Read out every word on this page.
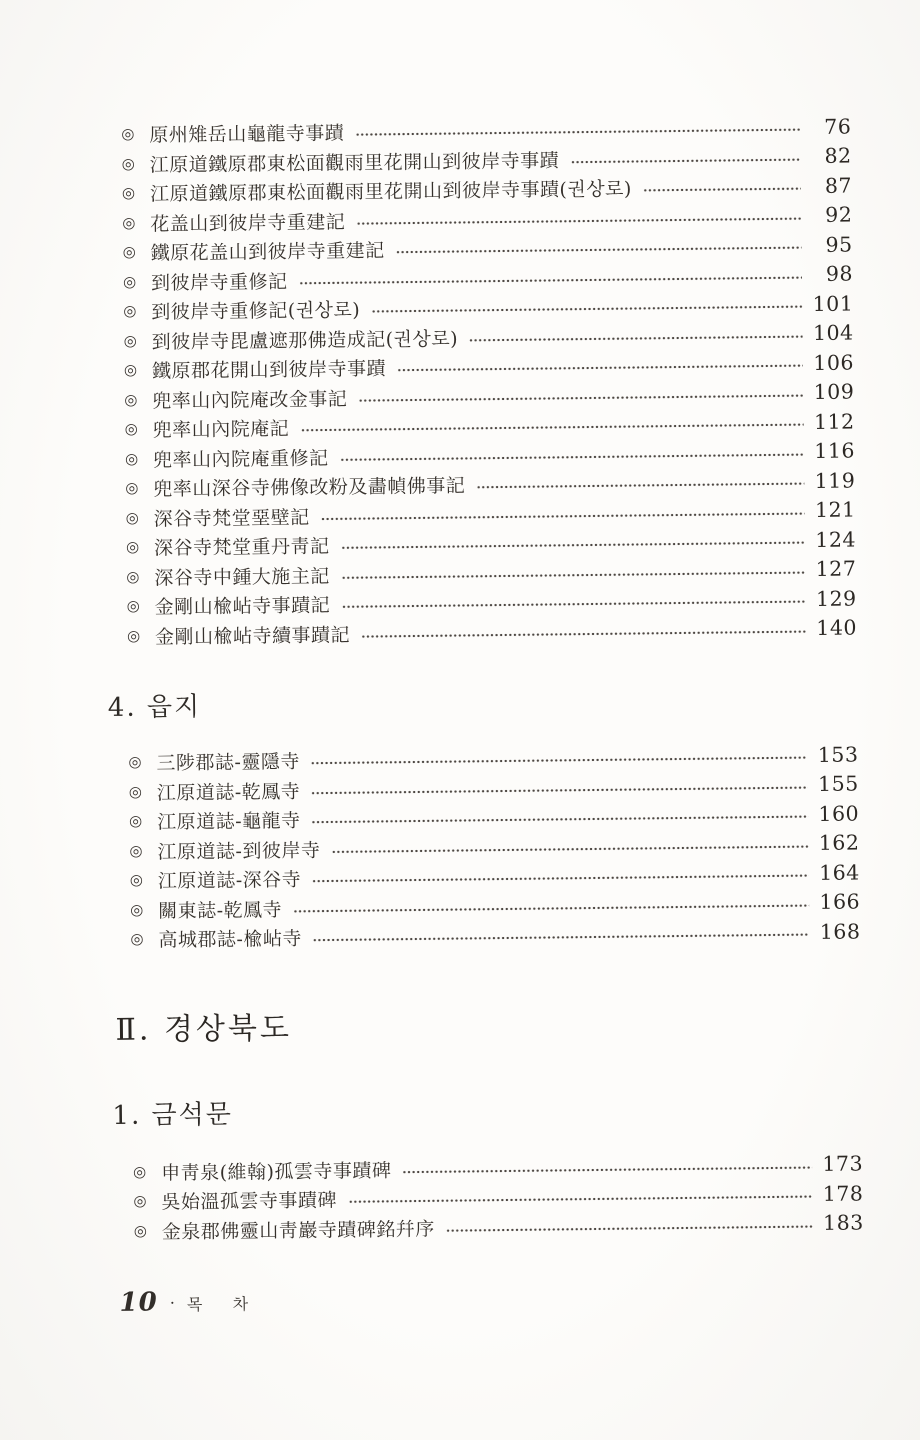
◎ 原州雉岳山龜龍寺事蹟	76
◎ 江原道鐵原郡東松面觀雨里花開山到彼岸寺事蹟	82
◎ 江原道鐵原郡東松面觀雨里花開山到彼岸寺事蹟(권상로)	87
◎ 花盖山到彼岸寺重建記	92
◎ 鐵原花盖山到彼岸寺重建記	95
◎ 到彼岸寺重修記	98
◎ 到彼岸寺重修記(권상로)	101
◎ 到彼岸寺毘盧遮那佛造成記(권상로)	104
◎ 鐵原郡花開山到彼岸寺事蹟	106
◎ 兜率山內院庵改金事記	109
◎ 兜率山內院庵記	112
◎ 兜率山內院庵重修記	116
◎ 兜率山深谷寺佛像改粉及畵幀佛事記	119
◎ 深谷寺梵堂堊壁記	121
◎ 深谷寺梵堂重丹靑記	124
◎ 深谷寺中鍾大施主記	127
◎ 金剛山楡岾寺事蹟記	129
◎ 金剛山楡岾寺續事蹟記	140
4. 읍지
◎ 三陟郡誌-靈隱寺	153
◎ 江原道誌-乾鳳寺	155
◎ 江原道誌-龜龍寺	160
◎ 江原道誌-到彼岸寺	162
◎ 江原道誌-深谷寺	164
◎ 關東誌-乾鳳寺	166
◎ 高城郡誌-楡岾寺	168
Ⅱ. 경상북도
1. 금석문
◎ 申靑泉(維翰)孤雲寺事蹟碑	173
◎ 吳始溫孤雲寺事蹟碑	178
◎ 金泉郡佛靈山靑巖寺蹟碑銘幷序	183
10 · 목    차
